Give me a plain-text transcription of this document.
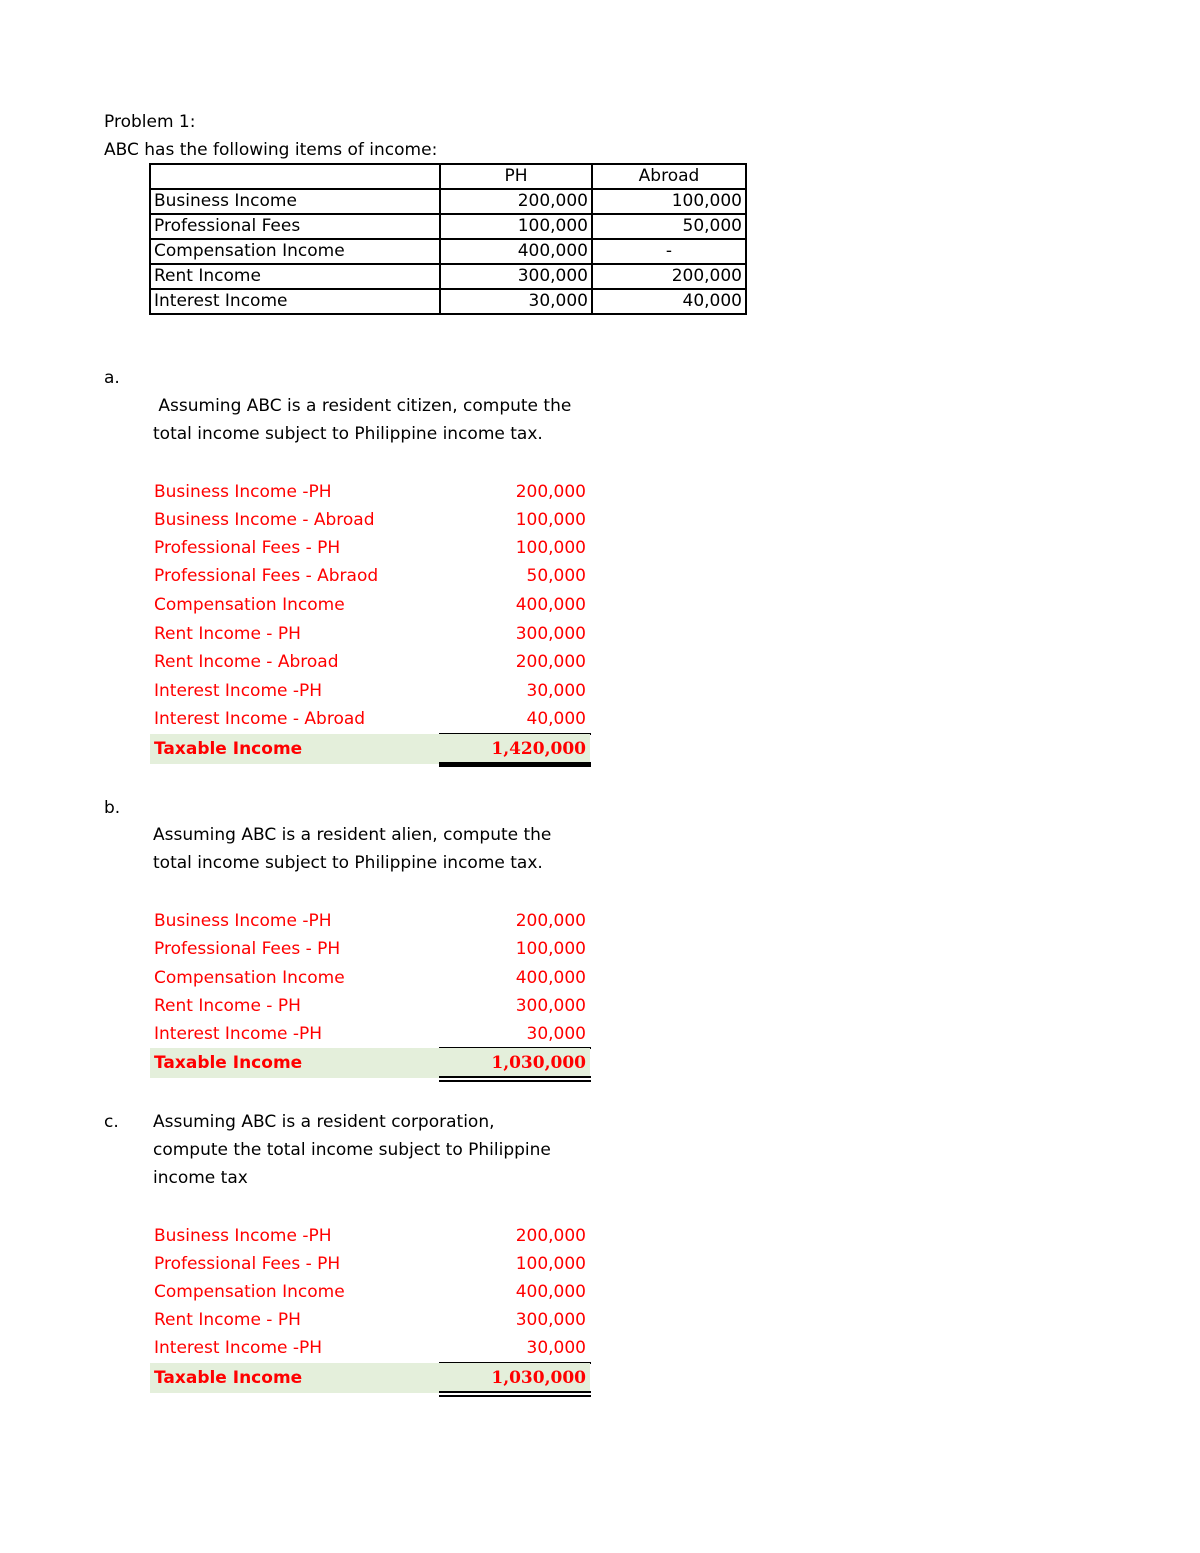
Problem 1:
ABC has the following items of income:
	PH	Abroad
Business Income	200,000	100,000
Professional Fees	100,000	50,000
Compensation Income	400,000	-
Rent Income	300,000	200,000
Interest Income	30,000	40,000
a.
Assuming ABC is a resident citizen, compute the
total income subject to Philippine income tax.
Business Income -PH	200,000
Business Income - Abroad	100,000
Professional Fees - PH	100,000
Professional Fees - Abraod	50,000
Compensation Income	400,000
Rent Income - PH	300,000
Rent Income - Abroad	200,000
Interest Income -PH	30,000
Interest Income - Abroad	40,000
Taxable Income	1,420,000
b.
Assuming ABC is a resident alien, compute the
total income subject to Philippine income tax.
Business Income -PH	200,000
Professional Fees - PH	100,000
Compensation Income	400,000
Rent Income - PH	300,000
Interest Income -PH	30,000
Taxable Income	1,030,000
c. Assuming ABC is a resident corporation,
compute the total income subject to Philippine
income tax
Business Income -PH	200,000
Professional Fees - PH	100,000
Compensation Income	400,000
Rent Income - PH	300,000
Interest Income -PH	30,000
Taxable Income	1,030,000
